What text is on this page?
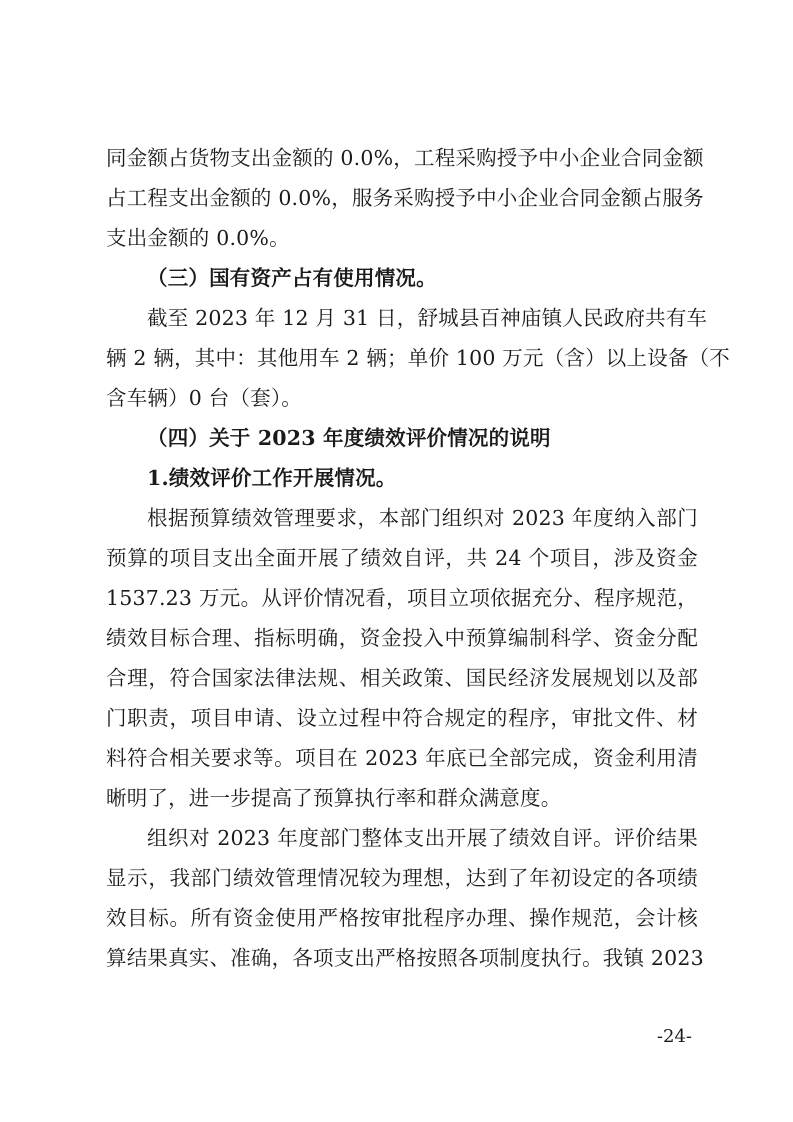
同金额占货物支出金额的 0.0%，工程采购授予中小企业合同金额
占工程支出金额的 0.0%，服务采购授予中小企业合同金额占服务
支出金额的 0.0%。
（三）国有资产占有使用情况。
截至 2023 年 12 月 31 日，舒城县百神庙镇人民政府共有车
辆 2 辆，其中：其他用车 2 辆；单价 100 万元（含）以上设备（不
含车辆）0 台（套）。
（四）关于 2023 年度绩效评价情况的说明
1.绩效评价工作开展情况。
根据预算绩效管理要求，本部门组织对 2023 年度纳入部门
预算的项目支出全面开展了绩效自评，共 24 个项目，涉及资金
1537.23 万元。从评价情况看，项目立项依据充分、程序规范，
绩效目标合理、指标明确，资金投入中预算编制科学、资金分配
合理，符合国家法律法规、相关政策、国民经济发展规划以及部
门职责，项目申请、设立过程中符合规定的程序，审批文件、材
料符合相关要求等。项目在 2023 年底已全部完成，资金利用清
晰明了，进一步提高了预算执行率和群众满意度。
组织对 2023 年度部门整体支出开展了绩效自评。评价结果
显示，我部门绩效管理情况较为理想，达到了年初设定的各项绩
效目标。所有资金使用严格按审批程序办理、操作规范，会计核
算结果真实、准确，各项支出严格按照各项制度执行。我镇 2023
-24-
